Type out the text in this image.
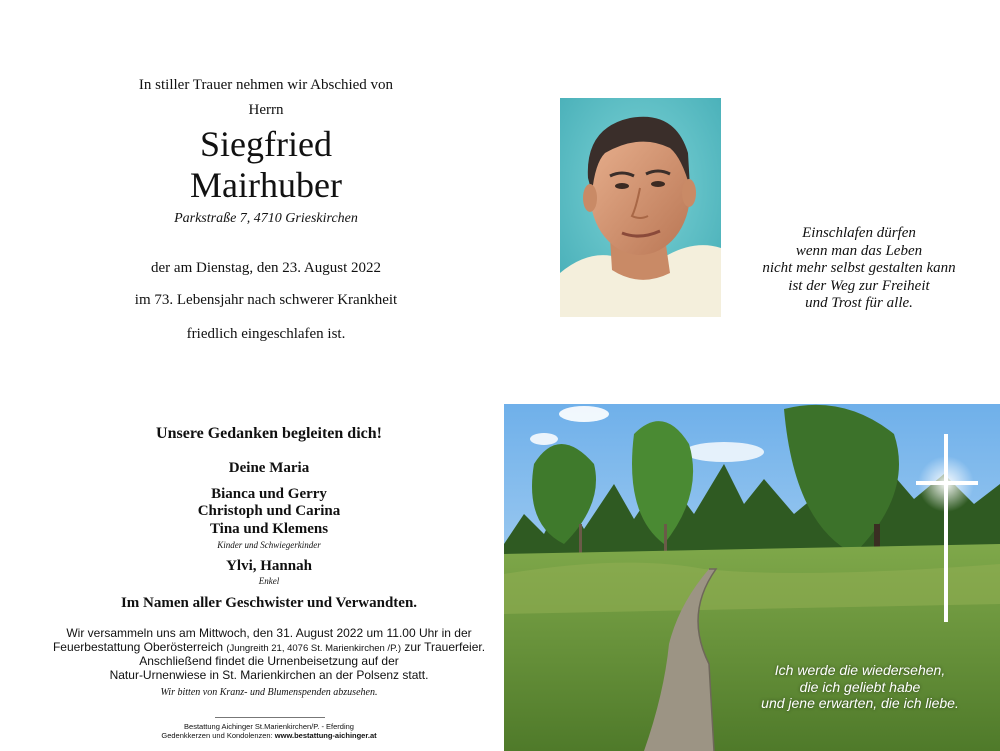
In stiller Trauer nehmen wir Abschied von
Herrn
Siegfried
Mairhuber
Parkstraße 7, 4710 Grieskirchen
der am Dienstag, den 23. August 2022
im 73. Lebensjahr nach schwerer Krankheit
friedlich eingeschlafen ist.
Einschlafen dürfen
wenn man das Leben
nicht mehr selbst gestalten kann
ist der Weg zur Freiheit
und Trost für alle.
Unsere Gedanken begleiten dich!
Deine Maria
Bianca und Gerry
Christoph und Carina
Tina und Klemens
Kinder und Schwiegerkinder
Ylvi, Hannah
Enkel
Im Namen aller Geschwister und Verwandten.
Wir versammeln uns am Mittwoch, den 31. August 2022 um 11.00 Uhr in der
Feuerbestattung Oberösterreich (Jungreith 21, 4076 St. Marienkirchen /P.) zur Trauerfeier.
Anschließend findet die Urnenbeisetzung auf der
Natur-Urnenwiese in St. Marienkirchen an der Polsenz statt.
Wir bitten von Kranz- und Blumenspenden abzusehen.
Bestattung Aichinger St.Marienkirchen/P. - Eferding
Gedenkkerzen und Kondolenzen: www.bestattung-aichinger.at
Ich werde die wiedersehen,
die ich geliebt habe
und jene erwarten, die ich liebe.
